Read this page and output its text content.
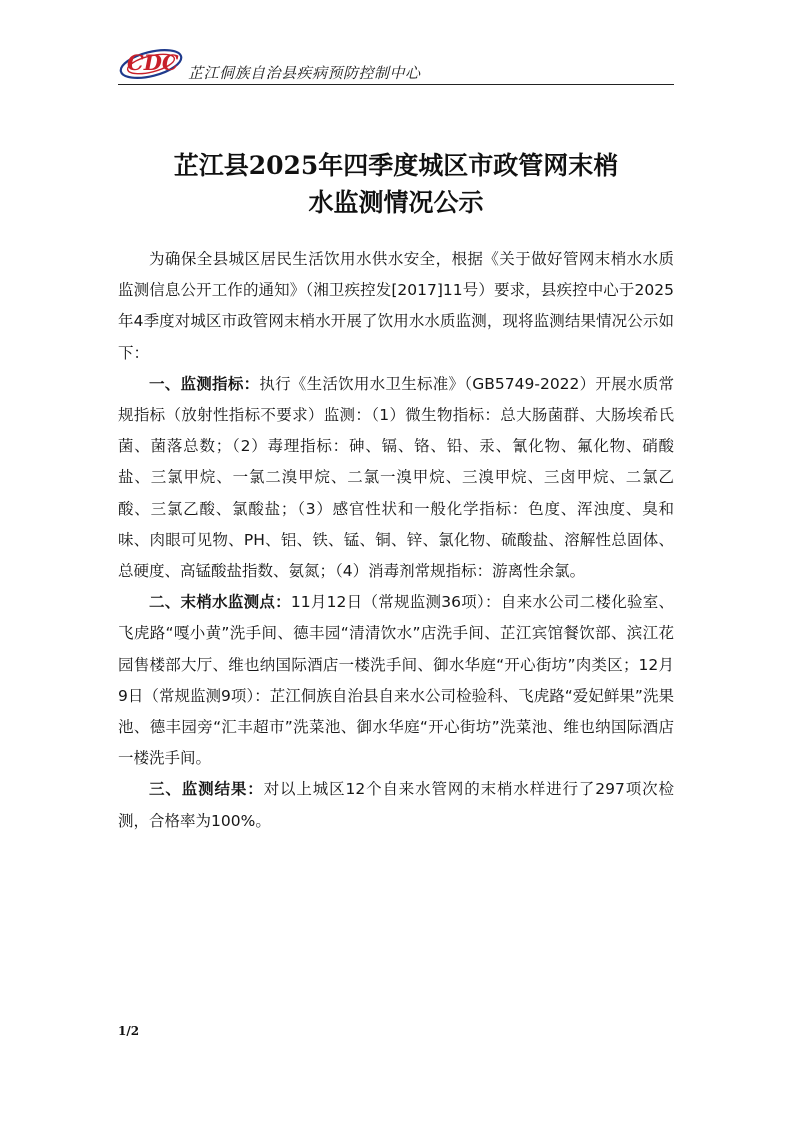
CDC 芷江侗族自治县疾病预防控制中心
芷江县2025年四季度城区市政管网末梢
水监测情况公示

为确保全县城区居民生活饮用水供水安全，根据《关于做好管网末梢水水质监测信息公开工作的通知》（湘卫疾控发[2017]11号）要求，县疾控中心于2025年4季度对城区市政管网末梢水开展了饮用水水质监测，现将监测结果情况公示如下：

一、监测指标：执行《生活饮用水卫生标准》（GB5749-2022）开展水质常规指标（放射性指标不要求）监测：（1）微生物指标：总大肠菌群、大肠埃希氏菌、菌落总数；（2）毒理指标：砷、镉、铬、铅、汞、氰化物、氟化物、硝酸盐、三氯甲烷、一氯二溴甲烷、二氯一溴甲烷、三溴甲烷、三卤甲烷、二氯乙酸、三氯乙酸、氯酸盐；（3）感官性状和一般化学指标：色度、浑浊度、臭和味、肉眼可见物、PH、铝、铁、锰、铜、锌、氯化物、硫酸盐、溶解性总固体、总硬度、高锰酸盐指数、氨氮；（4）消毒剂常规指标：游离性余氯。

二、末梢水监测点：11月12日（常规监测36项）：自来水公司二楼化验室、飞虎路“嘎小黄”洗手间、德丰园“清清饮水”店洗手间、芷江宾馆餐饮部、滨江花园售楼部大厅、维也纳国际酒店一楼洗手间、御水华庭“开心街坊”肉类区；12月9日（常规监测9项）：芷江侗族自治县自来水公司检验科、飞虎路“爱妃鲜果”洗果池、德丰园旁“汇丰超市”洗菜池、御水华庭“开心街坊”洗菜池、维也纳国际酒店一楼洗手间。

三、监测结果：对以上城区12个自来水管网的末梢水样进行了297项次检测，合格率为100%。

1/2
